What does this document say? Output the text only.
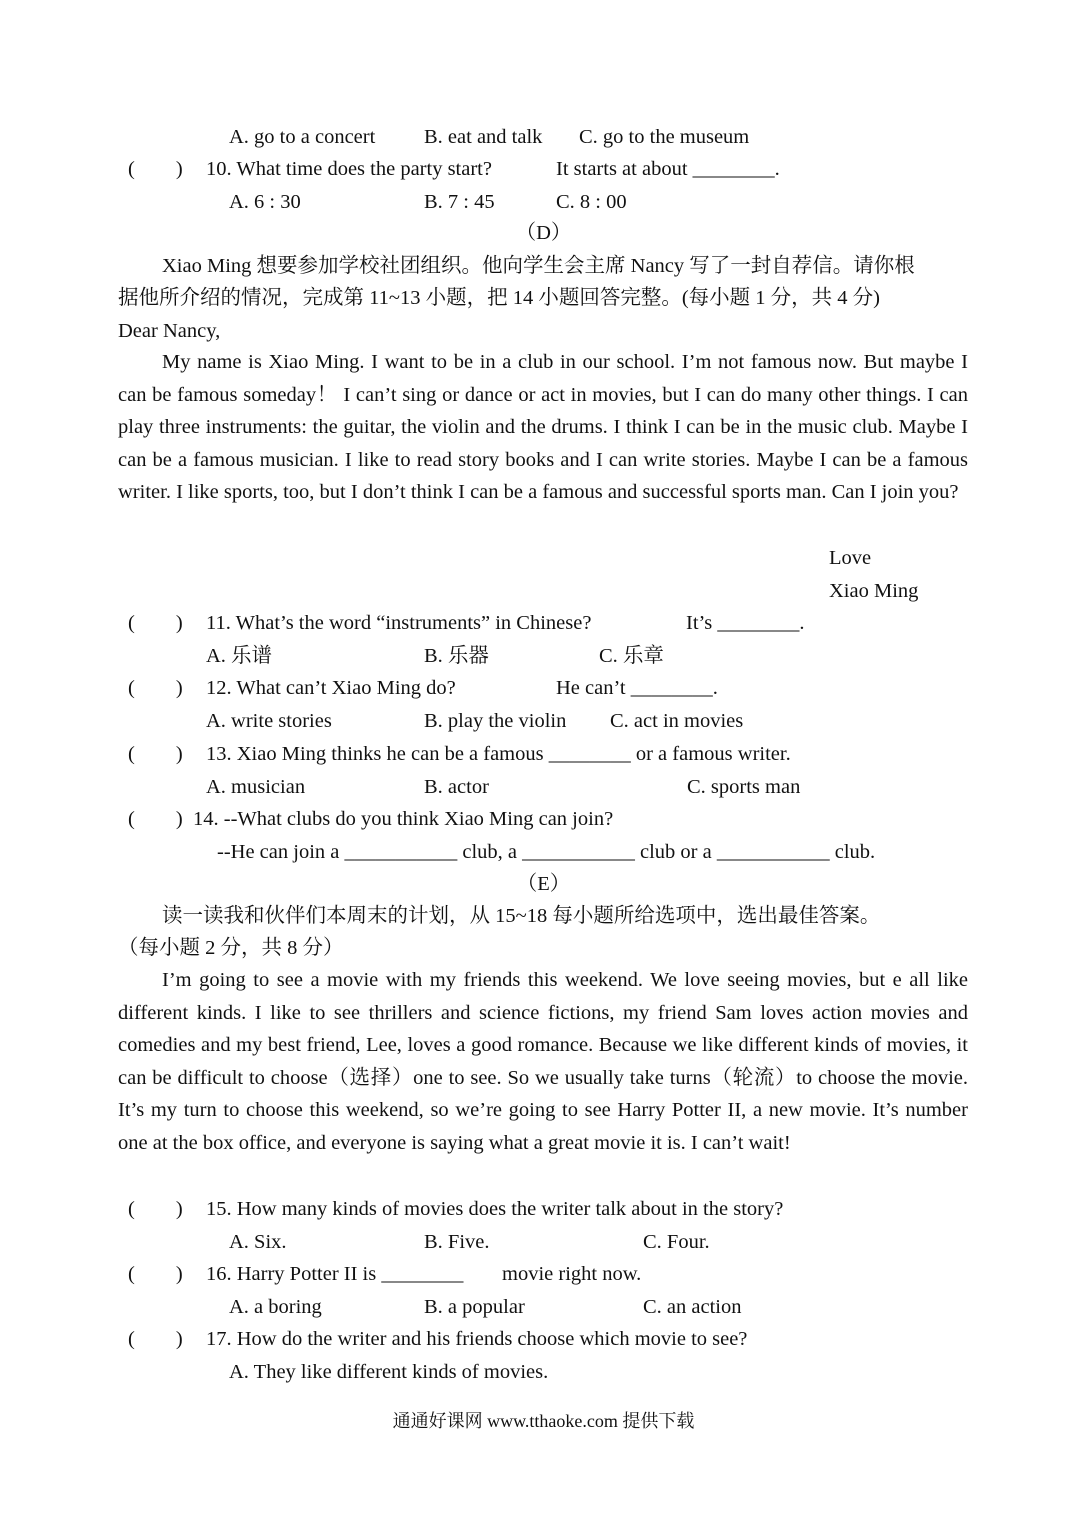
A. go to a concert B. eat and talk C. go to the museum
(　　) 10. What time does the party start?	It starts at about ________.
A. 6 : 30	B. 7 : 45	C. 8 : 00
（D）
Xiao Ming 想要参加学校社团组织。他向学生会主席 Nancy 写了一封自荐信。请你根
据他所介绍的情况，完成第 11~13 小题，把 14 小题回答完整。(每小题 1 分，共 4 分)
Dear Nancy,
My name is Xiao Ming. I want to be in a club in our school. I’m not famous now. But maybe I can be famous someday！ I can’t sing or dance or act in movies, but I can do many other things. I can play three instruments: the guitar, the violin and the drums. I think I can be in the music club. Maybe I can be a famous musician. I like to read story books and I can write stories. Maybe I can be a famous writer. I like sports, too, but I don’t think I can be a famous and successful sports man. Can I join you?
Love
Xiao Ming
(　　) 11. What’s the word “instruments” in Chinese?	It’s ________.
A. 乐谱	B. 乐器	C. 乐章
(　　) 12. What can’t Xiao Ming do?	He can’t ________.
A. write stories	B. play the violin C. act in movies
(　　) 13. Xiao Ming thinks he can be a famous ________ or a famous writer.
A. musician	B. actor	C. sports man
(　　) 14. --What clubs do you think Xiao Ming can join?
--He can join a ___________ club, a ___________ club or a ___________ club.
（E）
读一读我和伙伴们本周末的计划，从 15~18 每小题所给选项中，选出最佳答案。
（每小题 2 分，共 8 分）
I’m going to see a movie with my friends this weekend. We love seeing movies, but e all like different kinds. I like to see thrillers and science fictions, my friend Sam loves action movies and comedies and my best friend, Lee, loves a good romance. Because we like different kinds of movies, it can be difficult to choose（选择）one to see. So we usually take turns（轮流）to choose the movie. It’s my turn to choose this weekend, so we’re going to see Harry Potter II, a new movie. It’s number one at the box office, and everyone is saying what a great movie it is. I can’t wait!
(　　) 15. How many kinds of movies does the writer talk about in the story?
A. Six.	B. Five.	C. Four.
(　　) 16. Harry Potter II is ________ movie right now.
A. a boring	B. a popular	C. an action
(　　) 17. How do the writer and his friends choose which movie to see?
A. They like different kinds of movies.
通通好课网 www.tthaoke.com 提供下载
